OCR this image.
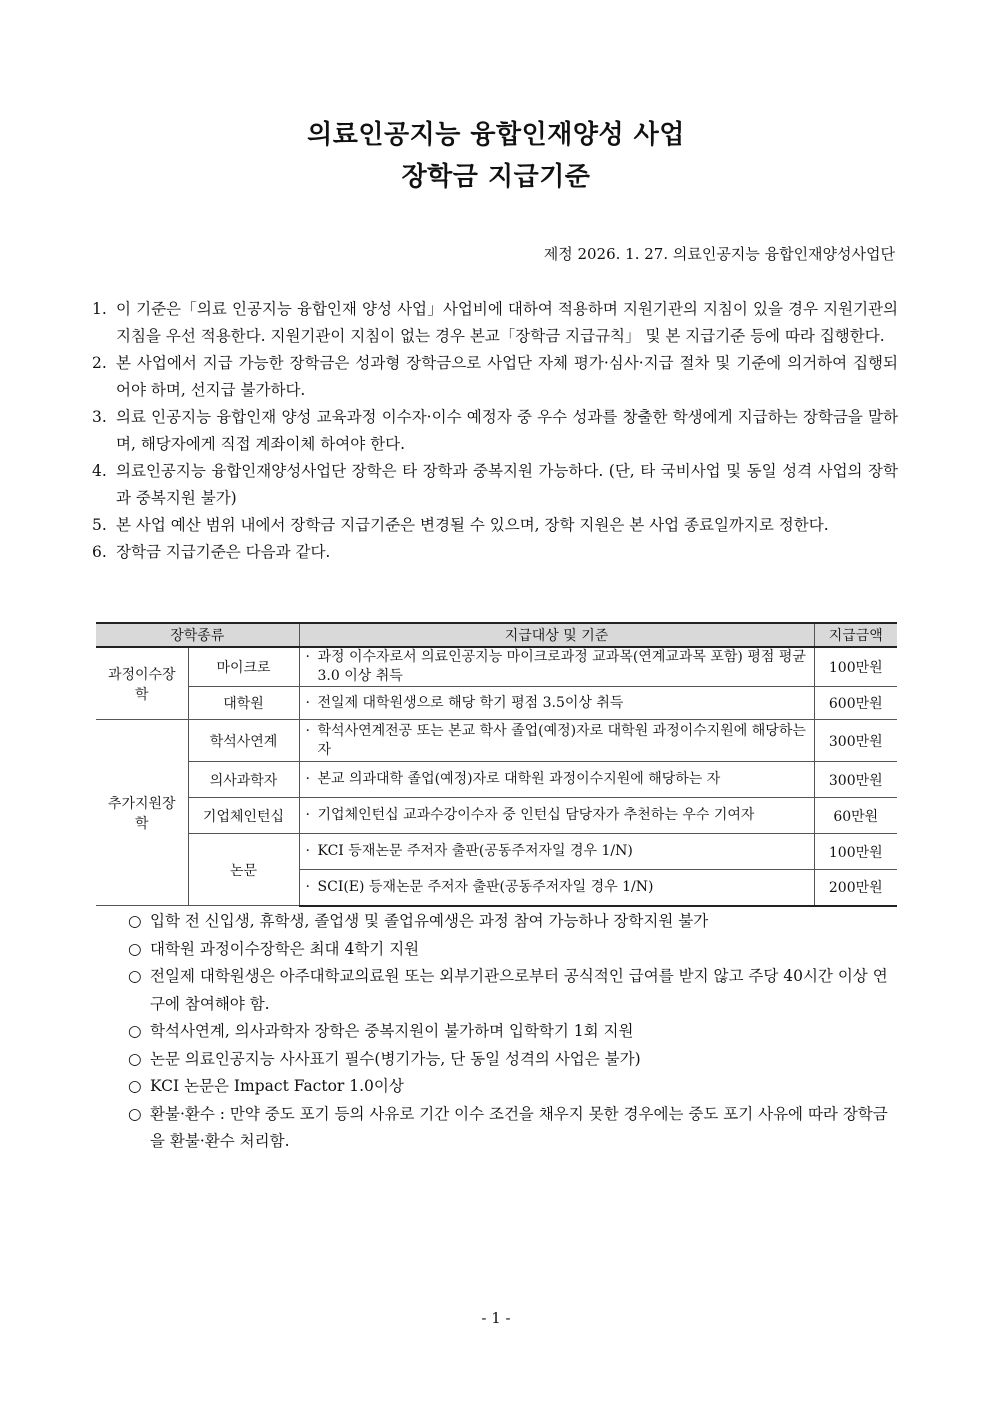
의료인공지능 융합인재양성 사업
장학금 지급기준
제정 2026. 1. 27. 의료인공지능 융합인재양성사업단
1. 이 기준은「의료 인공지능 융합인재 양성 사업」사업비에 대하여 적용하며 지원기관의 지침이 있을 경우 지원기관의 지침을 우선 적용한다. 지원기관이 지침이 없는 경우 본교「장학금 지급규칙」 및 본 지급기준 등에 따라 집행한다.
2. 본 사업에서 지급 가능한 장학금은 성과형 장학금으로 사업단 자체 평가·심사·지급 절차 및 기준에 의거하여 집행되어야 하며, 선지급 불가하다.
3. 의료 인공지능 융합인재 양성 교육과정 이수자·이수 예정자 중 우수 성과를 창출한 학생에게 지급하는 장학금을 말하며, 해당자에게 직접 계좌이체 하여야 한다.
4. 의료인공지능 융합인재양성사업단 장학은 타 장학과 중복지원 가능하다. (단, 타 국비사업 및 동일 성격 사업의 장학과 중복지원 불가)
5. 본 사업 예산 범위 내에서 장학금 지급기준은 변경될 수 있으며, 장학 지원은 본 사업 종료일까지로 정한다.
6. 장학금 지급기준은 다음과 같다.
장학종류		지급대상 및 기준	지급금액
과정이수장학	마이크로	· 과정 이수자로서 의료인공지능 마이크로과정 교과목(연계교과목 포함) 평점 평균 3.0 이상 취득	100만원
	대학원	· 전일제 대학원생으로 해당 학기 평점 3.5이상 취득	600만원
추가지원장학	학석사연계	· 학석사연계전공 또는 본교 학사 졸업(예정)자로 대학원 과정이수지원에 해당하는 자	300만원
	의사과학자	· 본교 의과대학 졸업(예정)자로 대학원 과정이수지원에 해당하는 자	300만원
	기업체인턴십	· 기업체인턴십 교과수강이수자 중 인턴십 담당자가 추천하는 우수 기여자	60만원
	논문	· KCI 등재논문 주저자 출판(공동주저자일 경우 1/N)	100만원

		· SCI(E) 등재논문 주저자 출판(공동주저자일 경우 1/N)	200만원
○ 입학 전 신입생, 휴학생, 졸업생 및 졸업유예생은 과정 참여 가능하나 장학지원 불가
○ 대학원 과정이수장학은 최대 4학기 지원
○ 전일제 대학원생은 아주대학교의료원 또는 외부기관으로부터 공식적인 급여를 받지 않고 주당 40시간 이상 연구에 참여해야 함.
○ 학석사연계, 의사과학자 장학은 중복지원이 불가하며 입학학기 1회 지원
○ 논문 의료인공지능 사사표기 필수(병기가능, 단 동일 성격의 사업은 불가)
○ KCI 논문은 Impact Factor 1.0이상
○ 환불·환수 : 만약 중도 포기 등의 사유로 기간 이수 조건을 채우지 못한 경우에는 중도 포기 사유에 따라 장학금을 환불·환수 처리함.
- 1 -
